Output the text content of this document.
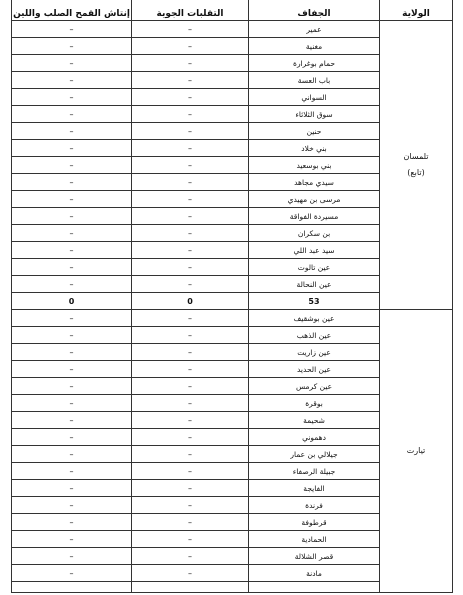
الولاية	الجفاف	التقلبات الجوية	إنتاش القمح الصلب واللين

تلمسان
(تابع)	عمير	–	–
	مغنية	–	–
	حمام بوغرارة	–	–
	باب العسة	–	–
	السواني	–	–
	سوق الثلاثاء	–	–
	حنين	–	–
	بني خلاد	–	–
	بني بوسعيد	–	–
	سيدي مجاهد	–	–
	مرسى بن مهيدي	–	–
	مسيردة الفواقة	–	–
	بن سكران	–	–
	سيد عبد اللي	–	–
	عين تالوت	–	–
	عين النحالة	–	–
	53	0	0

تيارت	عين بوشقيف	–	–
	عين الذهب	–	–
	عين زاريت	–	–
	عين الحديد	–	–
	عين كرمس	–	–
	بوقرة	–	–
	شحيمة	–	–
	دهموني	–	–
	جيلالي بن عمار	–	–
	جبيلة الرصفاء	–	–
	الفايجة	–	–
	فرندة	–	–
	قرطوفة	–	–
	الحمادية	–	–
	قصر الشلالة	–	–
	مادنة	–	–
